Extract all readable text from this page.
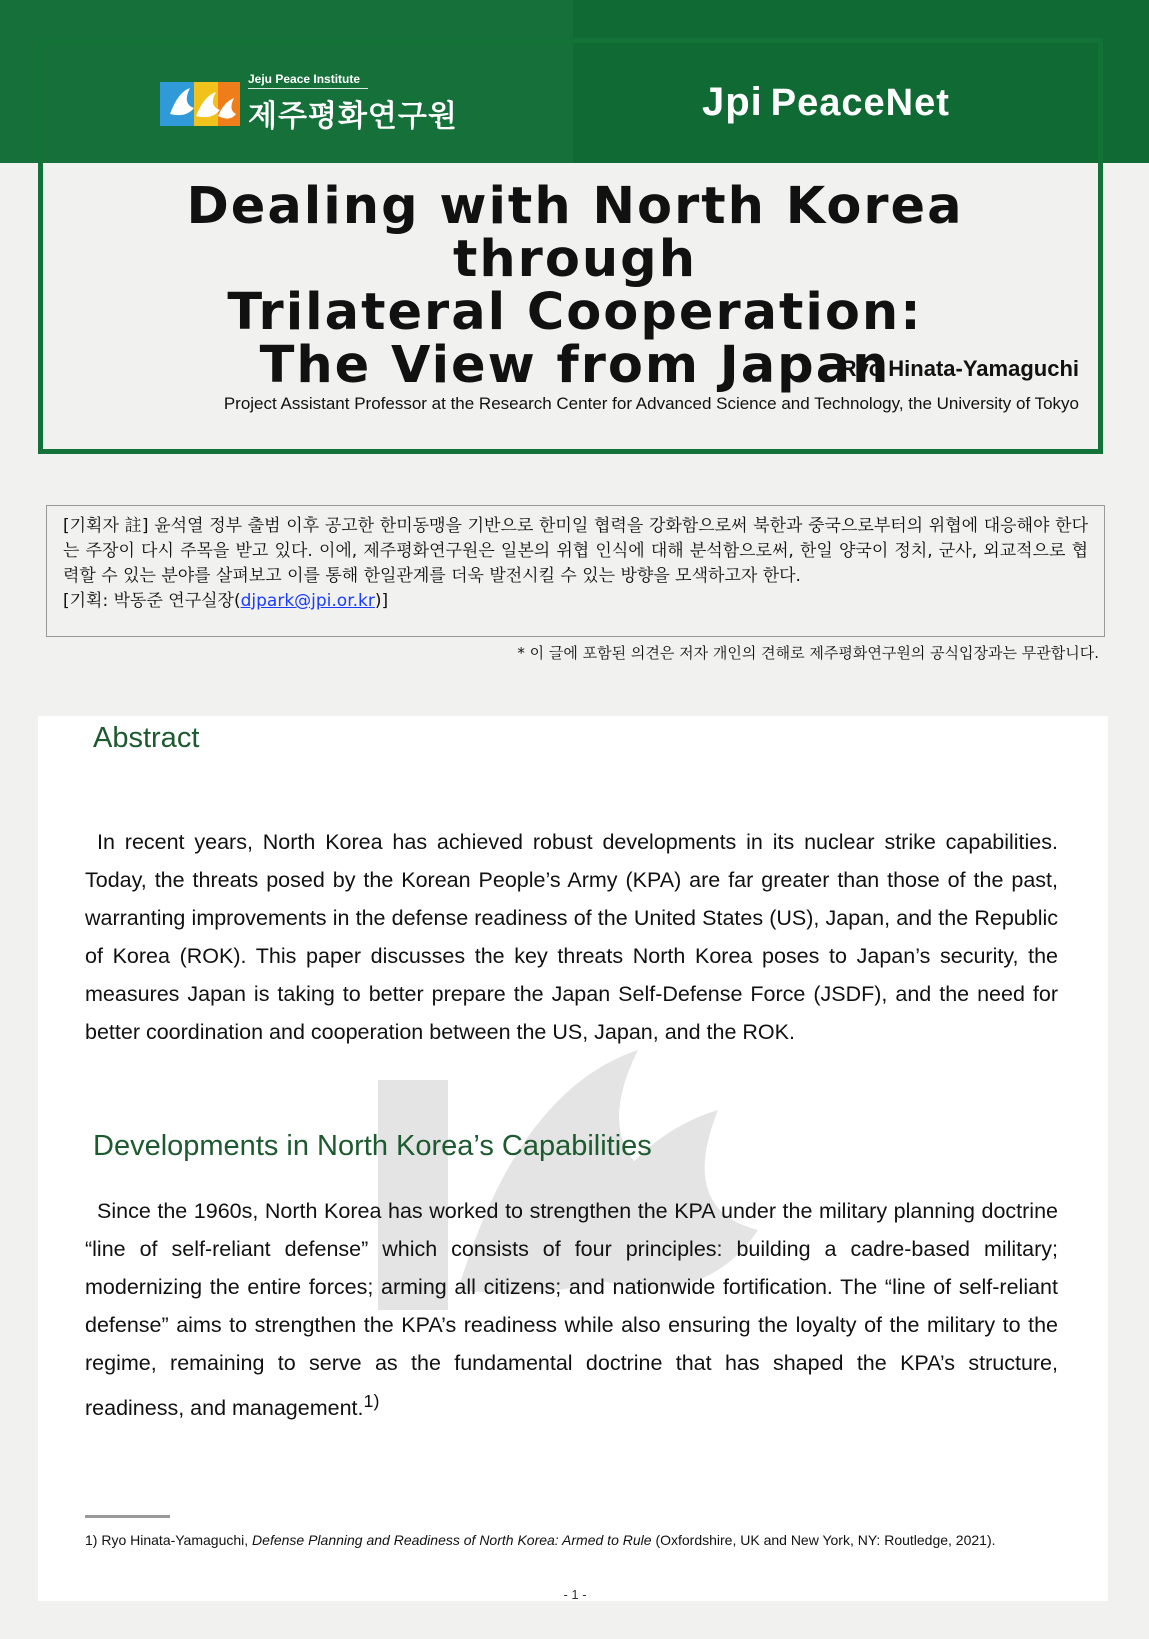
Jeju Peace Institute
제주평화연구원	Jpi PeaceNet
Dealing with North Korea through
Trilateral Cooperation:
The View from Japan
Ryo Hinata-Yamaguchi
Project Assistant Professor at the Research Center for Advanced Science and Technology, the University of Tokyo
[기획자 註] 윤석열 정부 출범 이후 공고한 한미동맹을 기반으로 한미일 협력을 강화함으로써 북한과 중국으로부터의 위협에 대응해야 한다는 주장이 다시 주목을 받고 있다. 이에, 제주평화연구원은 일본의 위협 인식에 대해 분석함으로써, 한일 양국이 정치, 군사, 외교적으로 협력할 수 있는 분야를 살펴보고 이를 통해 한일관계를 더욱 발전시킬 수 있는 방향을 모색하고자 한다.
[기획: 박동준 연구실장(djpark@jpi.or.kr)]
* 이 글에 포함된 의견은 저자 개인의 견해로 제주평화연구원의 공식입장과는 무관합니다.
Abstract

In recent years, North Korea has achieved robust developments in its nuclear strike capabilities. Today, the threats posed by the Korean People’s Army (KPA) are far greater than those of the past, warranting improvements in the defense readiness of the United States (US), Japan, and the Republic of Korea (ROK). This paper discusses the key threats North Korea poses to Japan’s security, the measures Japan is taking to better prepare the Japan Self-Defense Force (JSDF), and the need for better coordination and cooperation between the US, Japan, and the ROK.

Developments in North Korea’s Capabilities

Since the 1960s, North Korea has worked to strengthen the KPA under the military planning doctrine “line of self-reliant defense” which consists of four principles: building a cadre-based military; modernizing the entire forces; arming all citizens; and nationwide fortification. The “line of self-reliant defense” aims to strengthen the KPA’s readiness while also ensuring the loyalty of the military to the regime, remaining to serve as the fundamental doctrine that has shaped the KPA’s structure, readiness, and management.$^{1)}$

1) Ryo Hinata-Yamaguchi, Defense Planning and Readiness of North Korea: Armed to Rule (Oxfordshire, UK and New York, NY: Routledge, 2021).
- 1 -
